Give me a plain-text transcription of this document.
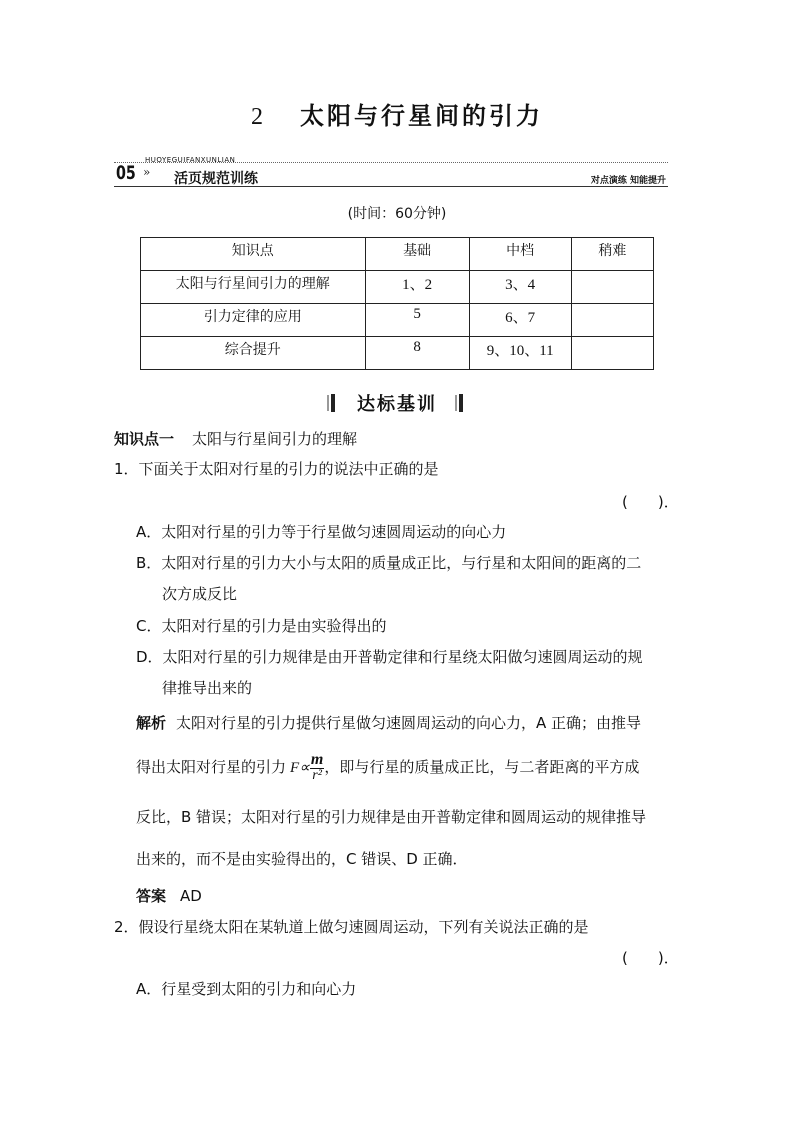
2 太阳与行星间的引力
05 »
HUOYEGUIFANXUNLIAN
活页规范训练	对点演练 知能提升
(时间：60分钟)
知识点	基础	中档	稍难
太阳与行星间引力的理解	1、2	3、4	
引力定律的应用	5	6、7	
综合提升	8	9、10、11	
达标基训
知识点一 太阳与行星间引力的理解
1．下面关于太阳对行星的引力的说法中正确的是
(　　)．
A．太阳对行星的引力等于行星做匀速圆周运动的向心力
B．太阳对行星的引力大小与太阳的质量成正比，与行星和太阳间的距离的二
次方成反比
C．太阳对行星的引力是由实验得出的
D．太阳对行星的引力规律是由开普勒定律和行星绕太阳做匀速圆周运动的规
律推导出来的
解析 太阳对行星的引力提供行星做匀速圆周运动的向心力，A 正确；由推导
得出太阳对行星的引力 $F\propto \frac{m}{\text{r²}}$ ，即与行星的质量成正比，与二者距离的平方成
反比，B 错误；太阳对行星的引力规律是由开普勒定律和圆周运动的规律推导
出来的，而不是由实验得出的，C 错误、D 正确．
答案 AD
2．假设行星绕太阳在某轨道上做匀速圆周运动，下列有关说法正确的是
(　　)．
A．行星受到太阳的引力和向心力
